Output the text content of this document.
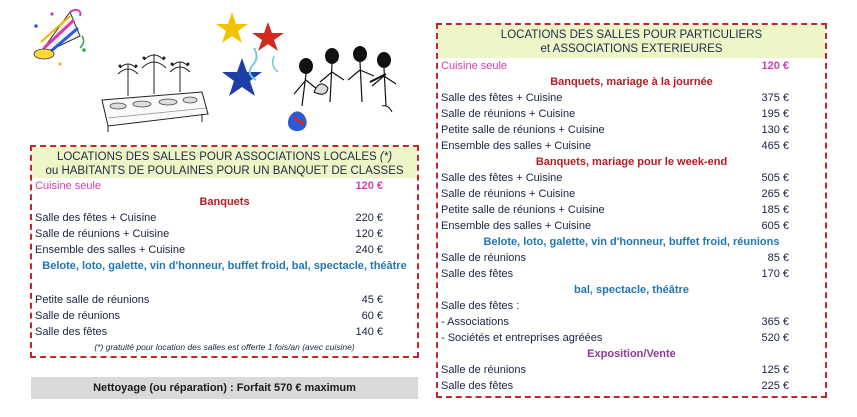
LOCATIONS DES SALLES POUR ASSOCIATIONS LOCALES (*)
ou HABITANTS DE POULAINES POUR UN BANQUET DE CLASSES
Cuisine seule	120 €
Banquets
Salle des fêtes + Cuisine	220 €
Salle de réunions + Cuisine	120 €
Ensemble des salles + Cuisine	240 €
Belote, loto, galette, vin d'honneur, buffet froid, bal, spectacle, théâtre
Petite salle de réunions	45 €
Salle de réunions	60 €
Salle des fêtes	140 €
(*) gratuité pour location des salles est offerte 1 fois/an (avec cuisine)
Nettoyage (ou réparation) : Forfait 570 € maximum
LOCATIONS DES SALLES POUR PARTICULIERS
et ASSOCIATIONS EXTERIEURES
Cuisine seule	120 €
Banquets, mariage à la journée
Salle des fêtes + Cuisine	375 €
Salle de réunions + Cuisine	195 €
Petite salle de réunions + Cuisine	130 €
Ensemble des salles + Cuisine	465 €
Banquets, mariage pour le week-end
Salle des fêtes + Cuisine	505 €
Salle de réunions + Cuisine	265 €
Petite salle de réunions + Cuisine	185 €
Ensemble des salles + Cuisine	605 €
Belote, loto, galette, vin d'honneur, buffet froid, réunions
Salle de réunions	85 €
Salle des fêtes	170 €
bal, spectacle, théâtre
Salle des fêtes :
- Associations	365 €
- Sociétés et entreprises agréées	520 €
Exposition/Vente
Salle de réunions	125 €
Salle des fêtes	225 €
